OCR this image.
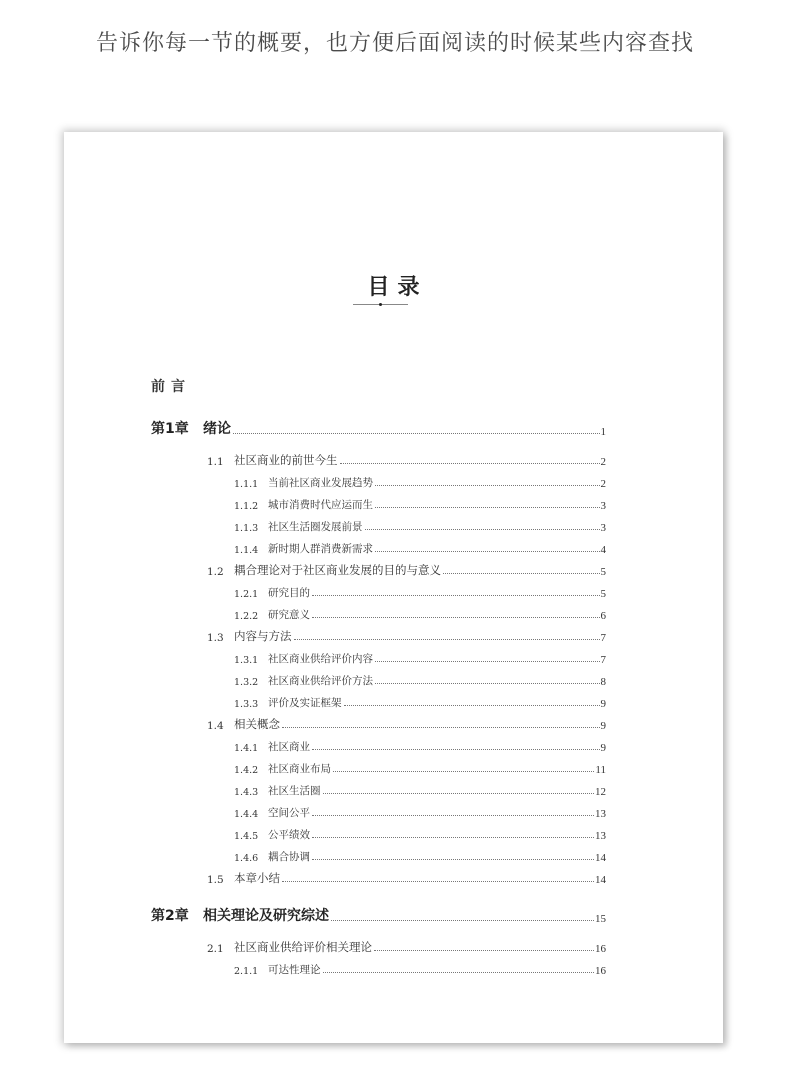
告诉你每一节的概要，也方便后面阅读的时候某些内容查找
目录
前言
第1章	绪论	1
1.1 社区商业的前世今生	2
1.1.1 当前社区商业发展趋势	2
1.1.2 城市消费时代应运而生	3
1.1.3 社区生活圈发展前景	3
1.1.4 新时期人群消费新需求	4
1.2 耦合理论对于社区商业发展的目的与意义	5
1.2.1 研究目的	5
1.2.2 研究意义	6
1.3 内容与方法	7
1.3.1 社区商业供给评价内容	7
1.3.2 社区商业供给评价方法	8
1.3.3 评价及实证框架	9
1.4 相关概念	9
1.4.1 社区商业	9
1.4.2 社区商业布局	11
1.4.3 社区生活圈	12
1.4.4 空间公平	13
1.4.5 公平绩效	13
1.4.6 耦合协调	14
1.5 本章小结	14
第2章	相关理论及研究综述	15
2.1 社区商业供给评价相关理论	16
2.1.1 可达性理论	16
